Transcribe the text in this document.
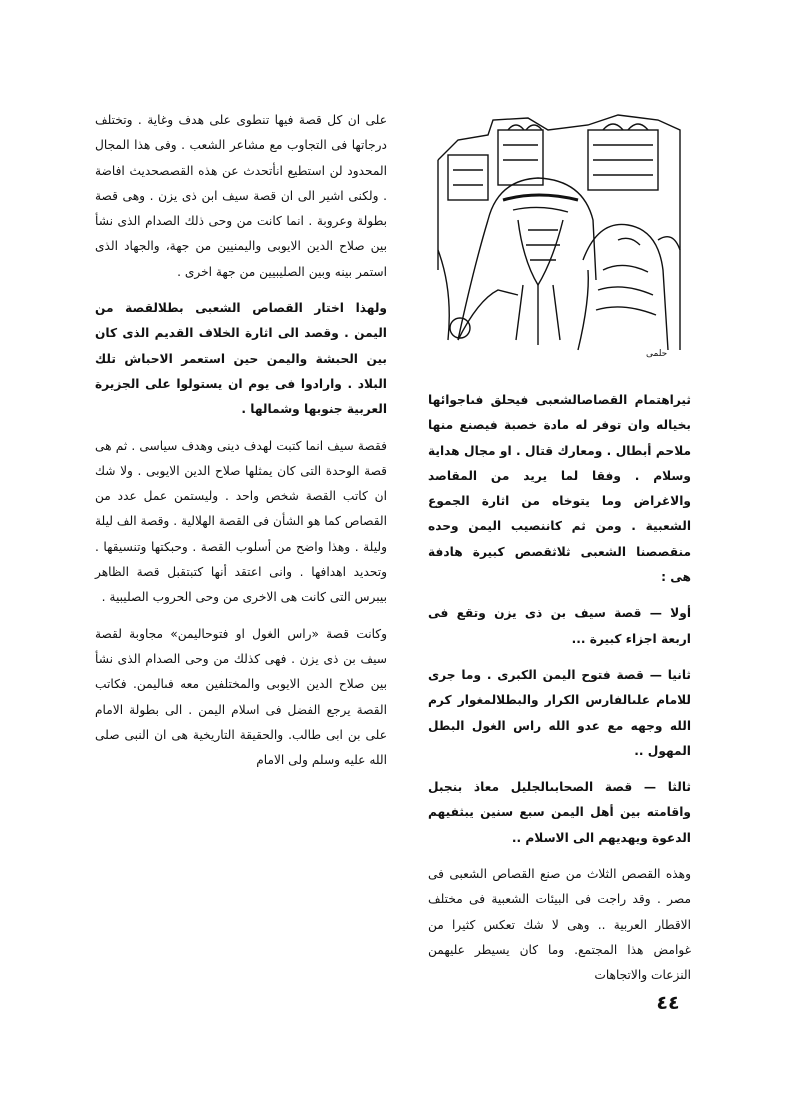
على ان كل قصة فيها تنطوى على هدف وغاية . وتختلف درجاتها فى التجاوب مع مشاعر الشعب . وفى هذا المجال المحدود لن استطيع انأتحدث عن هذه القصصحديث افاضة . ولكنى اشير الى ان قصة سيف ابن ذى يزن . وهى قصة بطولة وعروبة . انما كانت من وحى ذلك الصدام الذى نشأ بين صلاح الدين الايوبى واليمنيين من جهة، والجهاد الذى استمر بينه وبين الصليبيين من جهة اخرى .

ولهذا اختار القصاص الشعبى بطلالقصة من اليمن . وقصد الى اثارة الخلاف القديم الذى كان بين الحبشة واليمن حين استعمر الاحباش تلك البلاد . وارادوا فى يوم ان يستولوا على الجزيرة العربية جنوبها وشمالها .

فقصة سيف انما كتبت لهدف دينى وهدف سياسى . ثم هى قصة الوحدة التى كان يمثلها صلاح الدين الايوبى . ولا شك ان كاتب القصة شخص واحد . وليستمن عمل عدد من القصاص كما هو الشأن فى القصة الهلالية . وقصة الف ليلة وليلة . وهذا واضح من أسلوب القصة . وحبكتها وتنسيقها . وتحديد اهدافها . وانى اعتقد أنها كتبتقبل قصة الظاهر بيبرس التى كانت هى الاخرى من وحى الحروب الصليبية .

وكانت قصة «راس الغول او فتوحاليمن» مجاوبة لقصة سيف بن ذى يزن . فهى كذلك من وحى الصدام الذى نشأ بين صلاح الدين الايوبى والمختلفين معه فىاليمن. فكاتب القصة يرجع الفضل فى اسلام اليمن . الى بطولة الامام على بن ابى طالب. والحقيقة التاريخية هى ان النبى صلى الله عليه وسلم ولى الامام

حلمى

ثيراهتمام القصاصالشعبى فيحلق فىاجوائها بخياله وان توفر له مادة خصبة فيصنع منها ملاحم أبطال . ومعارك قتال . او مجال هداية وسلام . وفقا لما يريد من المقاصد والاغراض وما يتوخاه من اثارة الجموع الشعبية . ومن ثم كاننصيب اليمن وحده منقصصنا الشعبى ثلاثقصص كبيرة هادفة هى :

أولا — قصة سيف بن ذى يزن وتقع فى اربعة اجزاء كبيرة ...

ثانيا — قصة فتوح اليمن الكبرى . وما جرى للامام علىالفارس الكرار والبطلالمغوار كرم الله وجهه مع عدو الله راس الغول البطل المهول ..

ثالثا — قصة الصحابىالجليل معاذ بنجبل واقامته بين أهل اليمن سبع سنين يبثفيهم الدعوة ويهديهم الى الاسلام ..

وهذه القصص الثلاث من صنع القصاص الشعبى فى مصر . وقد راجت فى البيئات الشعبية فى مختلف الاقطار العربية .. وهى لا شك تعكس كثيرا من غوامض هذا المجتمع. وما كان يسيطر عليهمن النزعات والاتجاهات

٤٤
